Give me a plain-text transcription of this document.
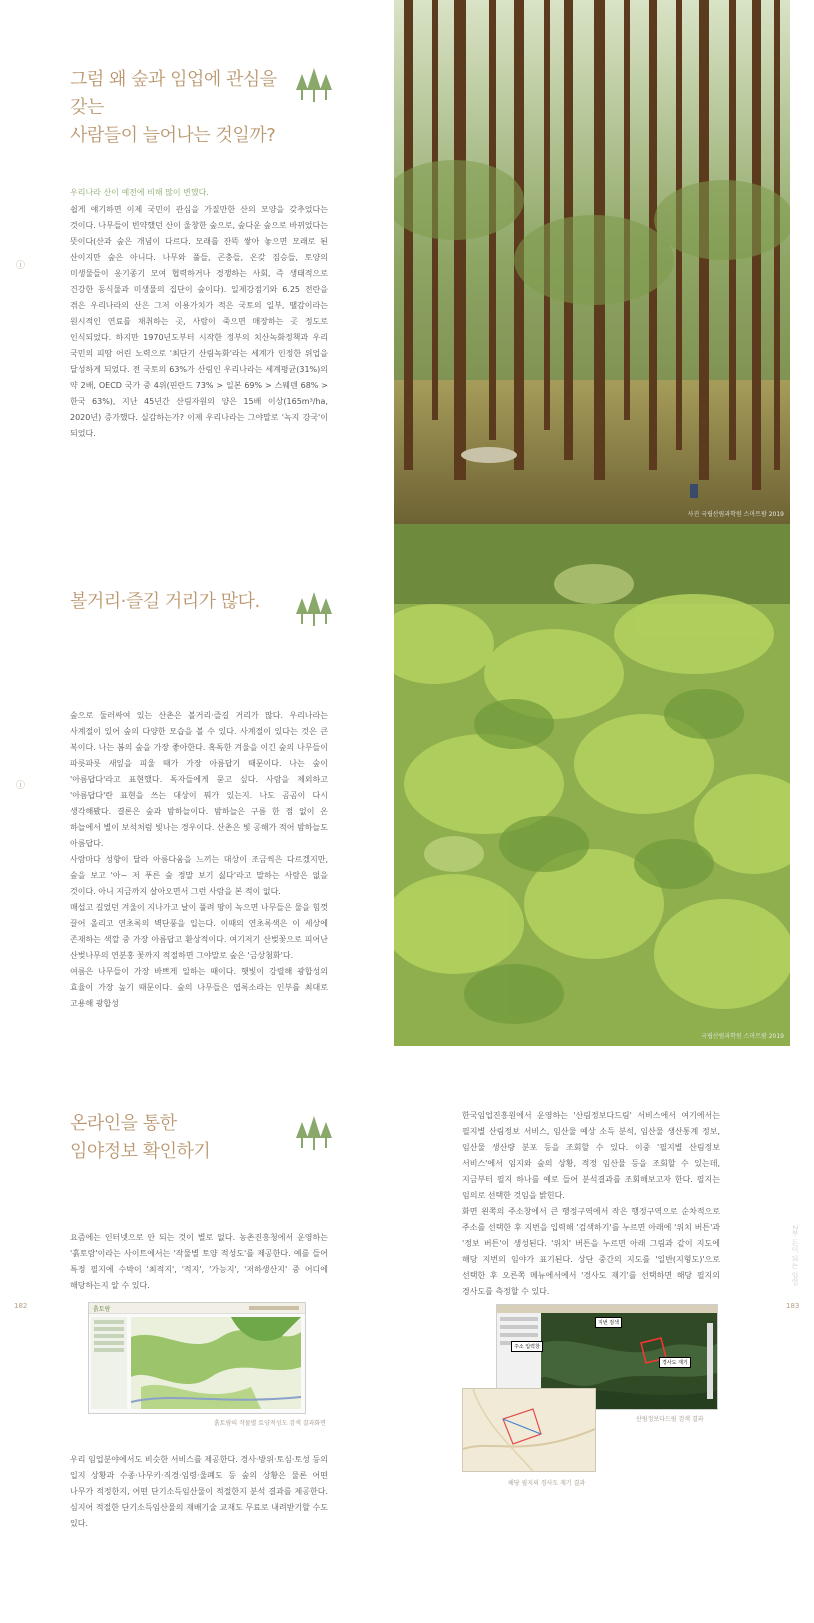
ⓘ
ⓘ
182	183
2부 돈이 되는 임업
그럼 왜 숲과 임업에 관심을 갖는
사람들이 늘어나는 것일까?
우리나라 산이 예전에 비해 많이 변했다.
쉽게 얘기하면 이제 국민이 관심을 가질만한 산의 모양을 갖추었다는 것이다. 나무들이 빈약했던 산이 울창한 숲으로, 숲다운 숲으로 바뀌었다는 뜻이다(산과 숲은 개념이 다르다. 모래를 잔뜩 쌓아 놓으면 모래로 된 산이지만 숲은 아니다. 나무와 풀들, 곤충들, 온갖 짐승들, 토양의 미생물들이 옹기종기 모여 협력하거나 경쟁하는 사회, 즉 생태적으로 건강한 동식물과 미생물의 집단이 숲이다). 일제강점기와 6.25 전란을 겪은 우리나라의 산은 그저 이용가치가 적은 국토의 일부, 땔감이라는 원시적인 연료를 채취하는 곳, 사람이 죽으면 매장하는 곳 정도로 인식되었다. 하지만 1970년도부터 시작한 정부의 치산녹화정책과 우리 국민의 피땀 어린 노력으로 '최단기 산림녹화'라는 세계가 인정한 위업을 달성하게 되었다. 전 국토의 63%가 산림인 우리나라는 세계평균(31%)의 약 2배, OECD 국가 중 4위(핀란드 73% > 일본 69% > 스웨덴 68% > 한국 63%), 지난 45년간 산림자원의 양은 15배 이상(165m³/ha, 2020년) 증가했다. 실감하는가? 이제 우리나라는 그야말로 '녹지 강국'이 되었다.
사진 국립산림과학원 스마트팜 2019
볼거리·즐길 거리가 많다.
숲으로 둘러싸여 있는 산촌은 볼거리·즐길 거리가 많다. 우리나라는 사계절이 있어 숲의 다양한 모습을 볼 수 있다. 사계절이 있다는 것은 큰 복이다. 나는 봄의 숲을 가장 좋아한다. 혹독한 겨울을 이긴 숲의 나무들이 파릇파릇 새잎을 피울 때가 가장 아름답기 때문이다. 나는 숲이 '아름답다'라고 표현했다. 독자들에게 묻고 싶다. 사람을 제외하고 '아름답다'란 표현을 쓰는 대상이 뭐가 있는지. 나도 곰곰이 다시 생각해봤다. 결론은 숲과 밤하늘이다. 밤하늘은 구름 한 점 없이 온 하늘에서 별이 보석처럼 빛나는 경우이다. 산촌은 빛 공해가 적어 밤하늘도 아름답다.
사람마다 성향이 달라 아름다움을 느끼는 대상이 조금씩은 다르겠지만, 숲을 보고 '아~ 저 푸른 숲 정말 보기 싫다'라고 말하는 사람은 없을 것이다. 아니 지금까지 살아오면서 그런 사람을 본 적이 없다.
매섭고 길었던 겨울이 지나가고 날이 풀려 땅이 녹으면 나무들은 물을 힘껏 끌어 올리고 연초록의 벽단풍을 입는다. 이때의 연초록색은 이 세상에 존재하는 색깔 중 가장 아름답고 환상적이다. 여기저기 산벚꽃으로 피어난 산벚나무의 연분홍 꽃까지 적절하면 그야말로 숲은 '금상첨화'다.
여름은 나무들이 가장 바쁘게 일하는 때이다. 햇빛이 강렬해 광합성의 효율이 가장 높기 때문이다. 숲의 나무들은 엽록소라는 인부를 최대로 고용해 광합성
국립산림과학원 스마트팜 2019
온라인을 통한
임야정보 확인하기
요즘에는 인터넷으로 안 되는 것이 별로 없다. 농촌진흥청에서 운영하는 '흙토람'이라는 사이트에서는 '작물별 토양 적성도'를 제공한다. 예를 들어 특정 필지에 수박이 '최적지', '적지', '가능지', '저하생산지' 중 어디에 해당하는지 알 수 있다.
흙토람
흙토람의 작물별 토양적성도 검색 결과화면
우리 임업분야에서도 비슷한 서비스를 제공한다. 경사·방위·토심·토성 등의 입지 상황과 수종·나무키·직경·임령·울폐도 등 숲의 상황은 물론 어떤 나무가 적정한지, 어떤 단기소득임산물이 적절한지 분석 결과를 제공한다. 심지어 적절한 단기소득임산물의 재배기술 교재도 무료로 내려받기할 수도 있다.
한국임업진흥원에서 운영하는 '산림정보다드림' 서비스에서 여기에서는 필지별 산림정보 서비스, 임산물 예상 소득 분석, 임산물 생산통계 정보, 임산물 생산량 분포 등을 조회할 수 있다. 이중 '필지별 산림정보 서비스'에서 임지와 숲의 상황, 적정 임산물 등을 조회할 수 있는데, 지금부터 필지 하나를 예로 들어 분석결과를 조회해보고자 한다. 필지는 임의로 선택한 것임을 밝힌다.
화면 왼쪽의 주소창에서 큰 행정구역에서 작은 행정구역으로 순차적으로 주소를 선택한 후 지번을 입력해 '검색하기'를 누르면 아래에 '위치 버튼'과 '정보 버튼'이 생성된다. '위치' 버튼을 누르면 아래 그림과 같이 지도에 해당 지번의 임야가 표기된다. 상단 중간의 지도를 '일반(지형도)'으로 선택한 후 오른쪽 메뉴에서에서 '경사도 재기'를 선택하면 해당 필지의 경사도를 측정할 수 있다.
주소 입력창
지번 검색
경사도 재기
산림정보다드림 검색 결과
해당 필지의 경사도 재기 결과
